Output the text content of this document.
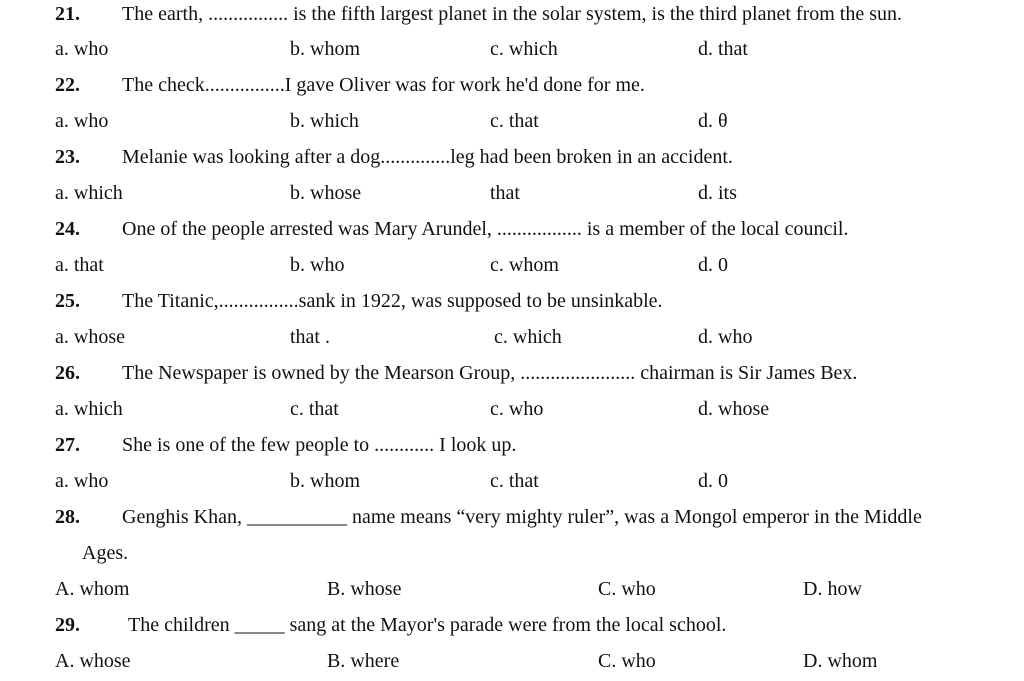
21. The earth, ................ is the fifth largest planet in the solar system, is the third planet from the sun.
a. who	b. whom	c. which	d. that
22. The check................I gave Oliver was for work he'd done for me.
a. who	b. which	c. that	d. θ
23. Melanie was looking after a dog..............leg had been broken in an accident.
a. which	b. whose	that	d. its
24. One of the people arrested was Mary Arundel, ................. is a member of the local council.
a. that	b. who	c. whom	d. 0
25. The Titanic,................sank in 1922, was supposed to be unsinkable.
a. whose	that .	c. which	d. who
26. The Newspaper is owned by the Mearson Group, ....................... chairman is Sir James Bex.
a. which	c. that	c. who	d. whose
27. She is one of the few people to ............ I look up.
a. who	b. whom	c. that	d. 0
28. Genghis Khan, __________ name means “very mighty ruler”, was a Mongol emperor in the Middle
Ages.
A. whom	B. whose	C. who	D. how
29. The children _____ sang at the Mayor's parade were from the local school.
A. whose	B. where	C. who	D. whom
